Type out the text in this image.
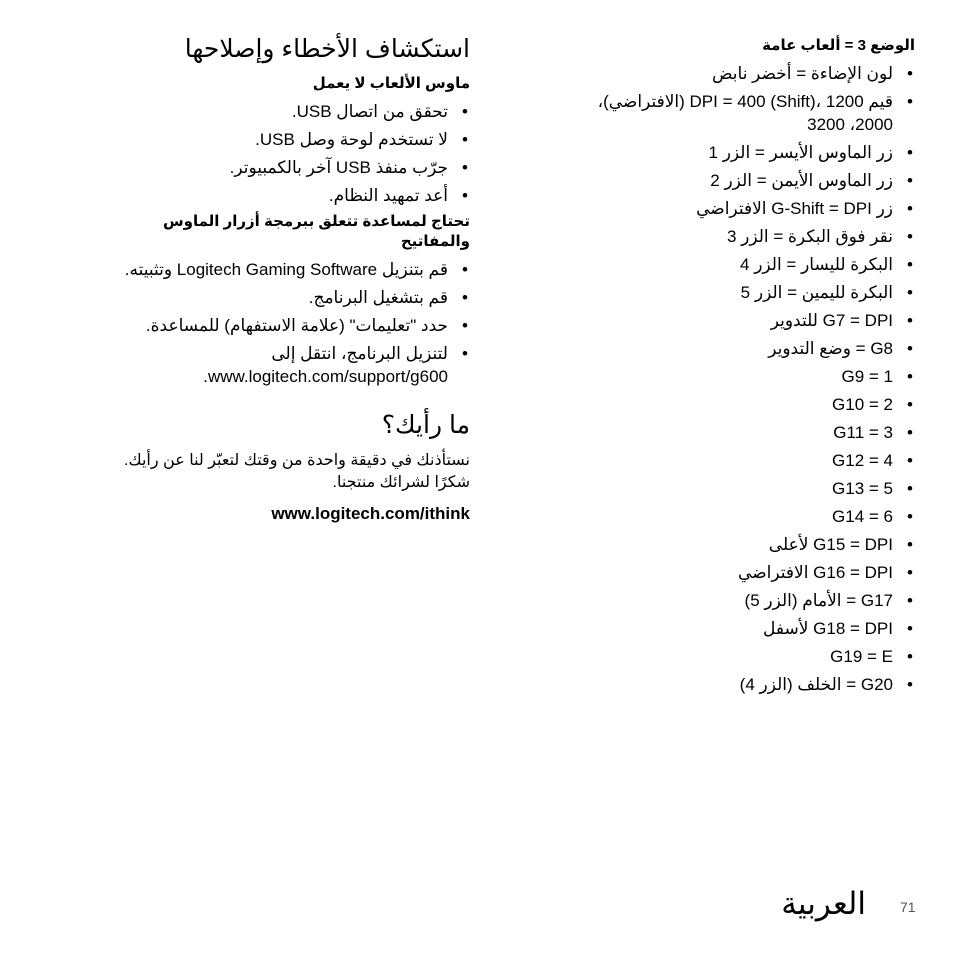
الوضع 3 = ألعاب عامة
• لون الإضاءة = أخضر نابض
• قيم 1200 ،DPI = 400 (Shift) (الافتراضي)، 2000، 3200
• زر الماوس الأيسر = الزر 1
• زر الماوس الأيمن = الزر 2
• زر G-Shift = DPI الافتراضي
• نقر فوق البكرة = الزر 3
• البكرة لليسار = الزر 4
• البكرة لليمين = الزر 5
• G7 = DPI للتدوير
• G8 = وضع التدوير
• G9 = 1
• G10 = 2
• G11 = 3
• G12 = 4
• G13 = 5
• G14 = 6
• G15 = DPI لأعلى
• G16 = DPI الافتراضي
• G17 = الأمام (الزر 5)
• G18 = DPI لأسفل
• G19 = E
• G20 = الخلف (الزر 4)
استكشاف الأخطاء وإصلاحها
ماوس الألعاب لا يعمل
• تحقق من اتصال USB.
• لا تستخدم لوحة وصل USB.
• جرّب منفذ USB آخر بالكمبيوتر.
• أعد تمهيد النظام.
تحتاج لمساعدة تتعلق ببرمجة أزرار الماوس والمفاتيح
• قم بتنزيل Logitech Gaming Software وتثبيته.
• قم بتشغيل البرنامج.
• حدد "تعليمات" (علامة الاستفهام) للمساعدة.
• لتنزيل البرنامج، انتقل إلى www.logitech.com/support/g600.
ما رأيك؟

نستأذنك في دقيقة واحدة من وقتك لتعبّر لنا عن رأيك. شكرًا لشرائك منتجنا.

www.logitech.com/ithink
العربية 71
